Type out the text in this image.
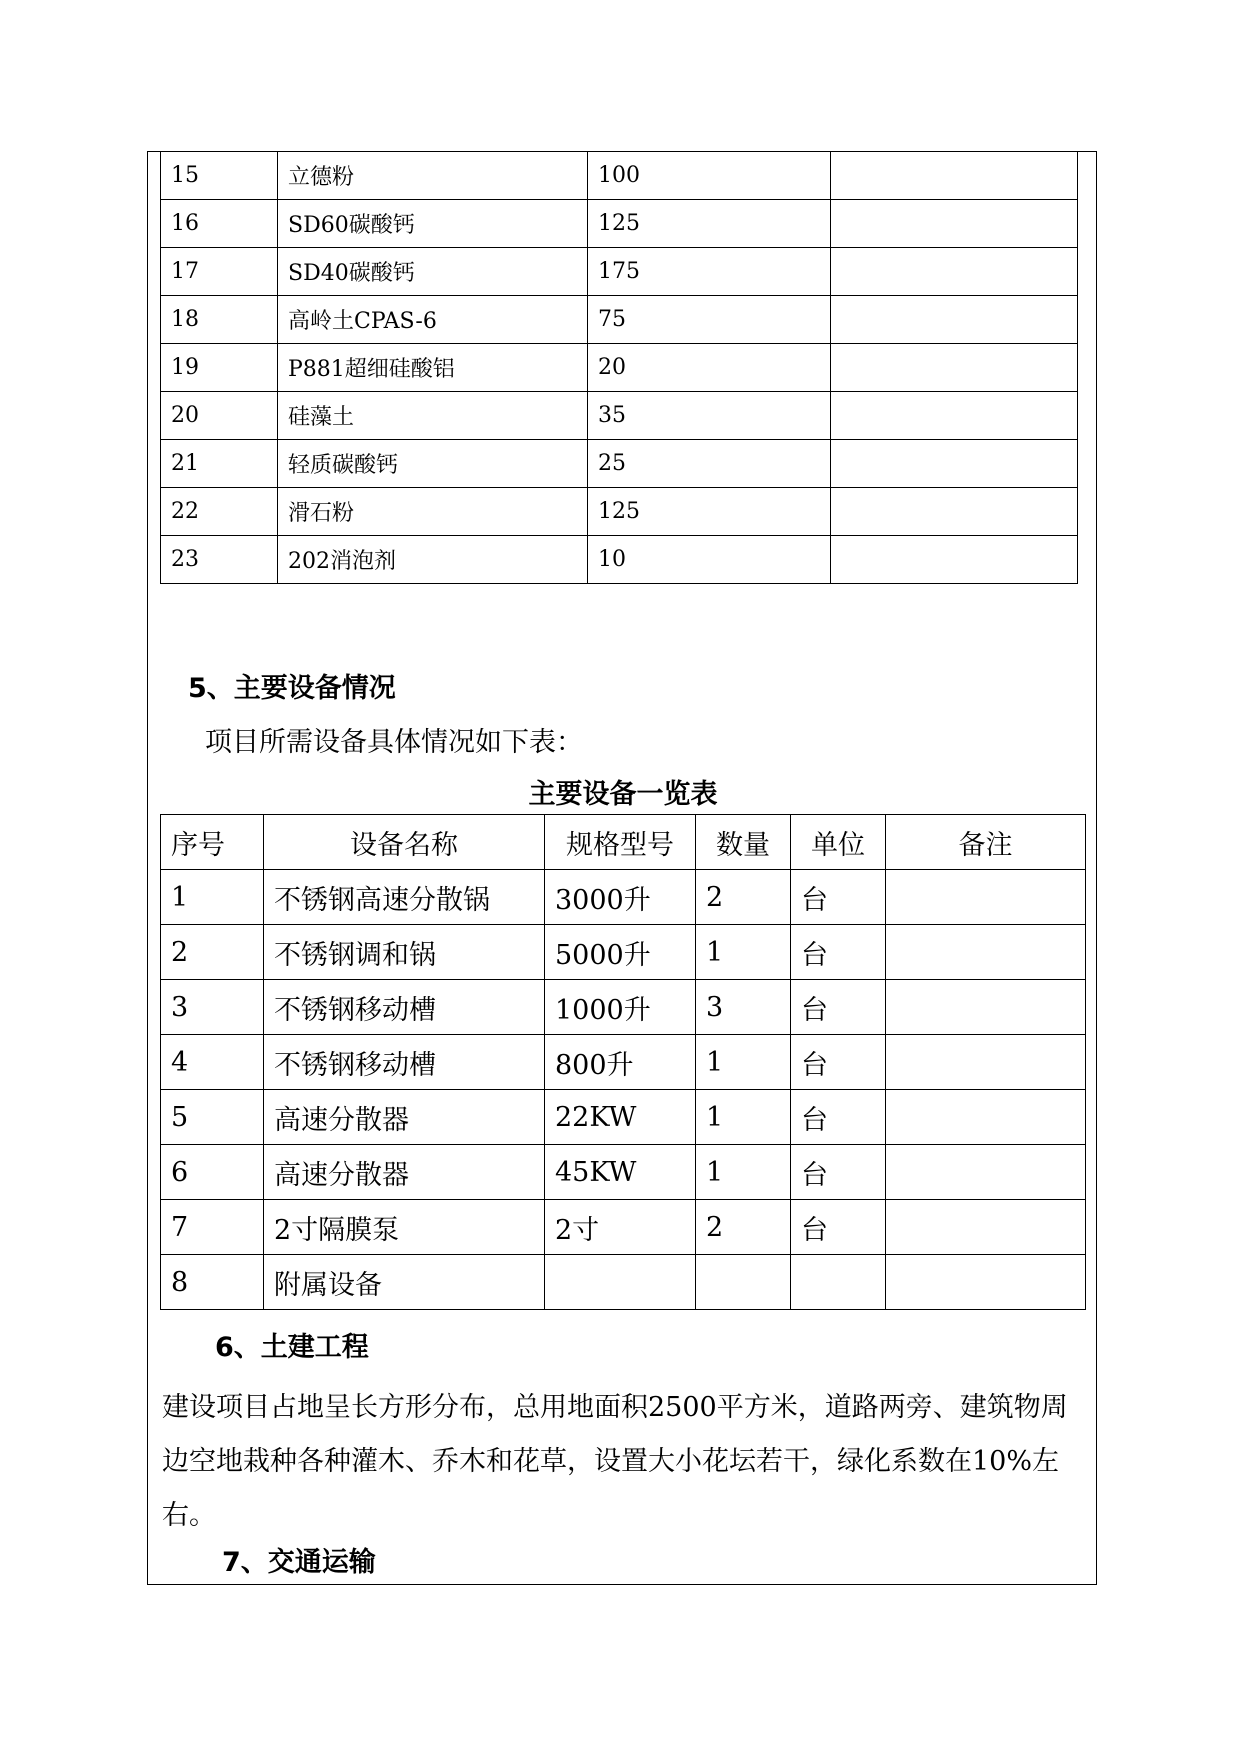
15	立德粉	100	
16	SD60碳酸钙	125	
17	SD40碳酸钙	175	
18	高岭土CPAS-6	75	
19	P881超细硅酸铝	20	
20	硅藻土	35	
21	轻质碳酸钙	25	
22	滑石粉	125	
23	202消泡剂	10	
5、主要设备情况
项目所需设备具体情况如下表：
主要设备一览表
序号	设备名称	规格型号	数量	单位	备注
1	不锈钢高速分散锅	3000升	2	台	
2	不锈钢调和锅	5000升	1	台	
3	不锈钢移动槽	1000升	3	台	
4	不锈钢移动槽	800升	1	台	
5	高速分散器	22KW	1	台	
6	高速分散器	45KW	1	台	
7	2寸隔膜泵	2寸	2	台	
8	附属设备				
6、土建工程
建设项目占地呈长方形分布，总用地面积2500平方米，道路两旁、建筑物周边空地栽种各种灌木、乔木和花草，设置大小花坛若干，绿化系数在10%左右。
7、交通运输
